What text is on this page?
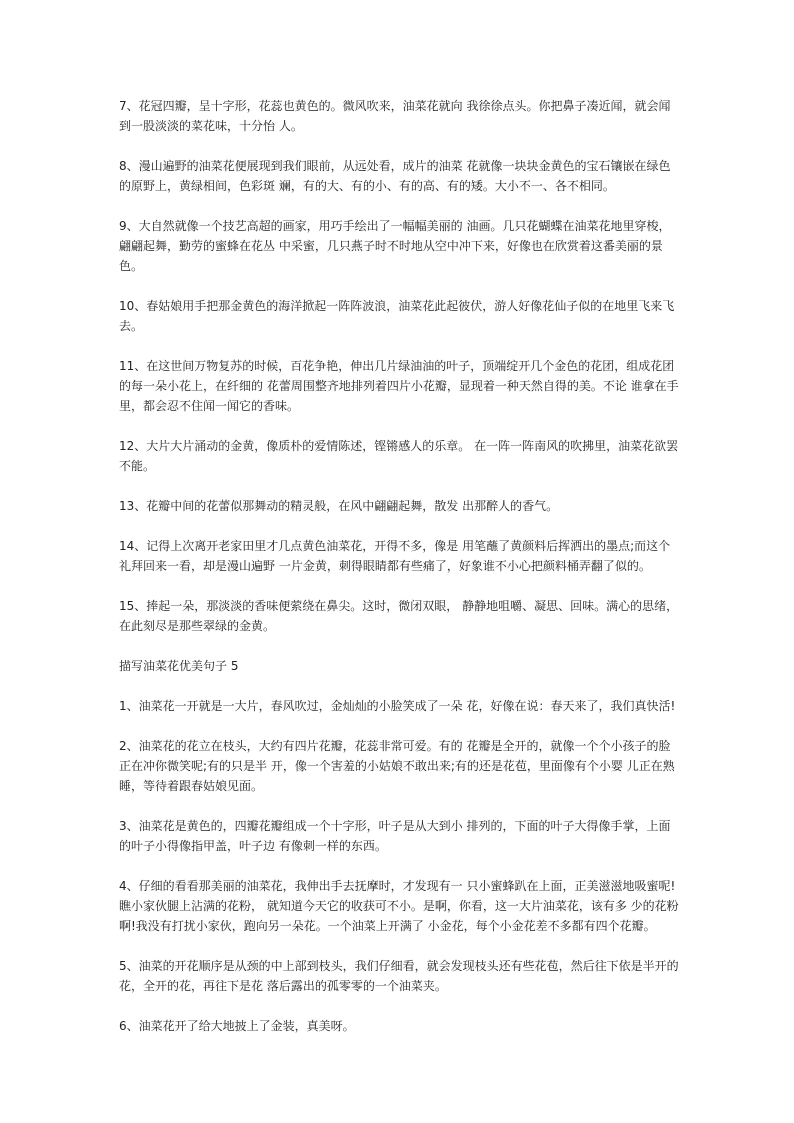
7、花冠四瓣，呈十字形，花蕊也黄色的。微风吹来，油菜花就向 我徐徐点头。你把鼻子凑近闻，就会闻到一股淡淡的菜花味，十分怡 人。

8、漫山遍野的油菜花便展现到我们眼前，从远处看，成片的油菜 花就像一块块金黄色的宝石镶嵌在绿色的原野上，黄绿相间，色彩斑 斓，有的大、有的小、有的高、有的矮。大小不一、各不相同。

9、大自然就像一个技艺高超的画家，用巧手绘出了一幅幅美丽的 油画。几只花蝴蝶在油菜花地里穿梭，翩翩起舞，勤劳的蜜蜂在花丛 中采蜜，几只燕子时不时地从空中冲下来，好像也在欣赏着这番美丽的景色。

10、春姑娘用手把那金黄色的海洋掀起一阵阵波浪，油菜花此起彼伏，游人好像花仙子似的在地里飞来飞去。

11、在这世间万物复苏的时候，百花争艳，伸出几片绿油油的叶子，顶端绽开几个金色的花团，组成花团的每一朵小花上，在纤细的 花蕾周围整齐地排列着四片小花瓣，显现着一种天然自得的美。不论 谁拿在手里，都会忍不住闻一闻它的香味。

12、大片大片涌动的金黄，像质朴的爱情陈述，铿锵感人的乐章。 在一阵一阵南风的吹拂里，油菜花欲罢不能。

13、花瓣中间的花蕾似那舞动的精灵般，在风中翩翩起舞，散发 出那醉人的香气。

14、记得上次离开老家田里才几点黄色油菜花，开得不多，像是 用笔蘸了黄颜料后挥洒出的墨点;而这个礼拜回来一看，却是漫山遍野 一片金黄，刺得眼睛都有些痛了，好象谁不小心把颜料桶弄翻了似的。

15、捧起一朵，那淡淡的香味便萦绕在鼻尖。这时，微闭双眼， 静静地咀嚼、凝思、回味。满心的思绪，在此刻尽是那些翠绿的金黄。

描写油菜花优美句子 5

1、油菜花一开就是一大片，春风吹过，金灿灿的小脸笑成了一朵 花，好像在说：春天来了，我们真快活!

2、油菜花的花立在枝头，大约有四片花瓣，花蕊非常可爱。有的 花瓣是全开的，就像一个个小孩子的脸正在冲你微笑呢;有的只是半 开，像一个害羞的小姑娘不敢出来;有的还是花苞，里面像有个小婴 儿正在熟睡，等待着跟春姑娘见面。

3、油菜花是黄色的，四瓣花瓣组成一个十字形，叶子是从大到小 排列的，下面的叶子大得像手掌，上面的叶子小得像指甲盖，叶子边 有像刺一样的东西。

4、仔细的看看那美丽的油菜花，我伸出手去抚摩时，才发现有一 只小蜜蜂趴在上面，正美滋滋地吸蜜呢!瞧小家伙腿上沾满的花粉， 就知道今天它的收获可不小。是啊，你看，这一大片油菜花，该有多 少的花粉啊!我没有打扰小家伙，跑向另一朵花。一个油菜上开满了 小金花，每个小金花差不多都有四个花瓣。

5、油菜的开花顺序是从颈的中上部到枝头，我们仔细看，就会发现枝头还有些花苞，然后往下依是半开的花，全开的花，再往下是花 落后露出的孤零零的一个油菜夹。

6、油菜花开了给大地披上了金装，真美呀。
